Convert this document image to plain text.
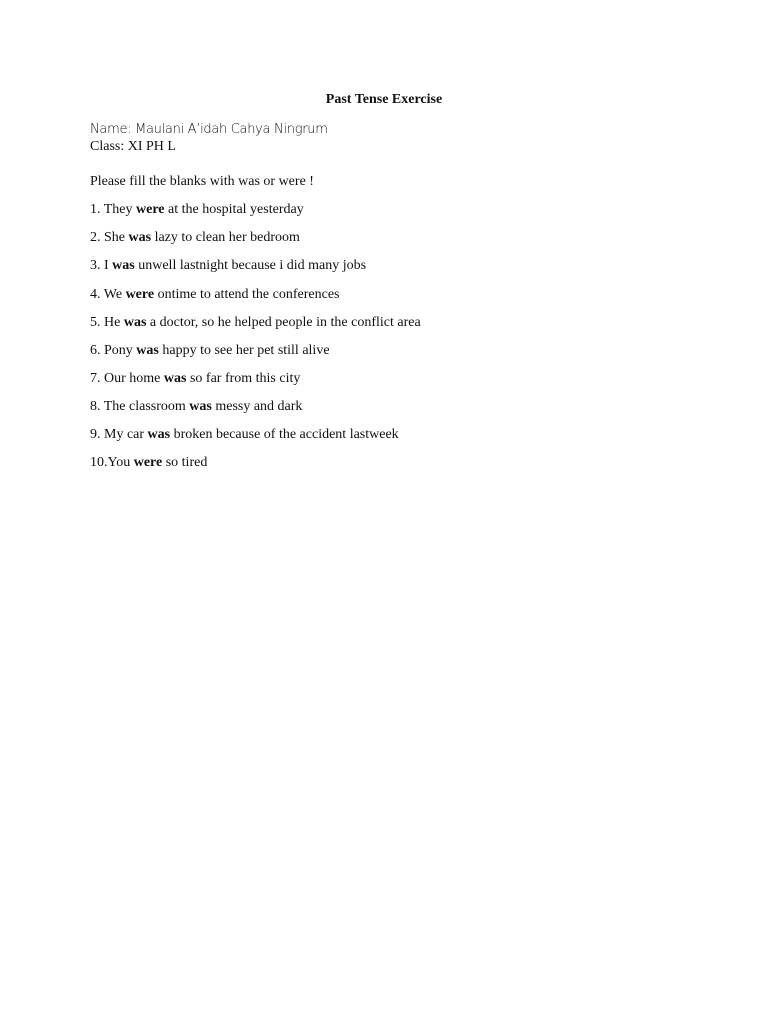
Past Tense Exercise
Name: Maulani A’idah Cahya Ningrum
Class: XI PH L
Please fill the blanks with was or were !
1. They were at the hospital yesterday
2. She was lazy to clean her bedroom
3. I was unwell lastnight because i did many jobs
4. We were ontime to attend the conferences
5. He was a doctor, so he helped people in the conflict area
6. Pony was happy to see her pet still alive
7. Our home was so far from this city
8. The classroom was messy and dark
9. My car was broken because of the accident lastweek
10.You were so tired
